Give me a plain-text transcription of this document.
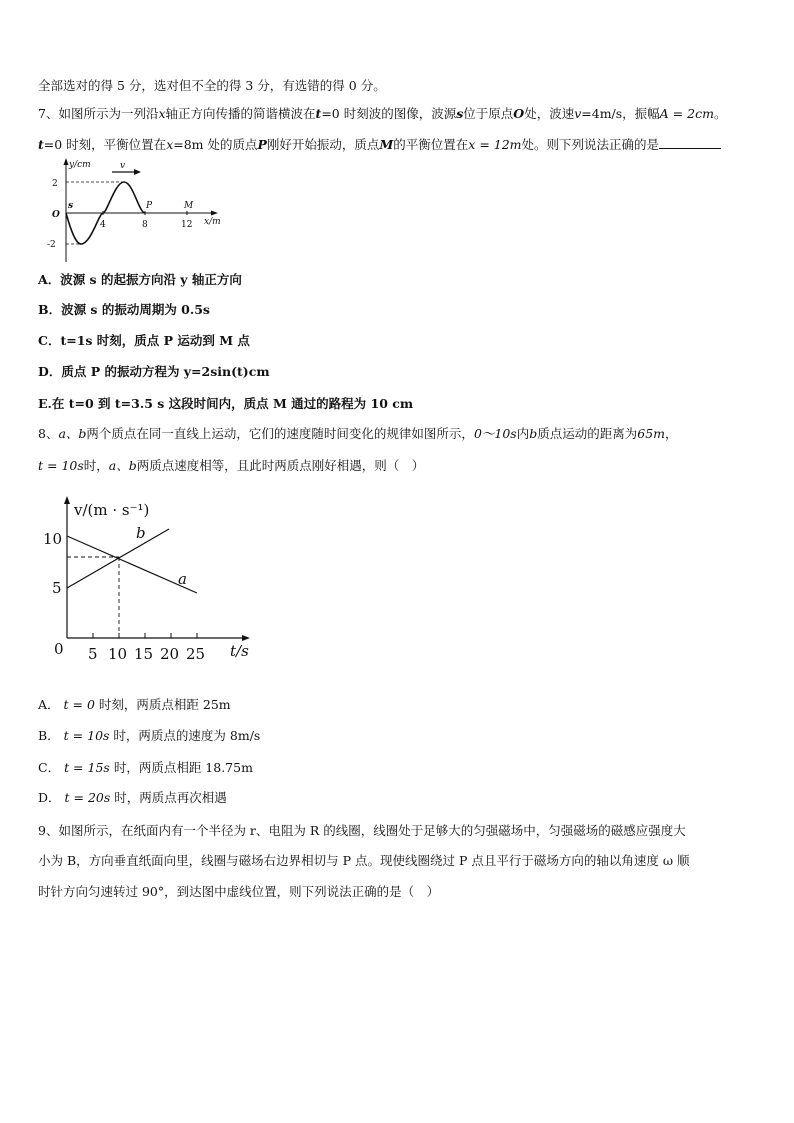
全部选对的得 5 分，选对但不全的得 3 分，有选错的得 0 分。
7、如图所示为一列沿x轴正方向传播的简谐横波在t=0 时刻波的图像，波源s位于原点O处，波速v=4m/s，振幅A = 2cm。
t=0 时刻，平衡位置在x=8m 处的质点P刚好开始振动，质点M的平衡位置在x = 12m处。则下列说法正确的是
y/cm	v
2
-2
O
s	P	M
4	8	12 x/m
A．波源 s 的起振方向沿 y 轴正方向
B．波源 s 的振动周期为 0.5s
C．t=1s 时刻，质点 P 运动到 M 点
D．质点 P 的振动方程为 y=2sin(t)cm
E.在 t=0 到 t=3.5 s 这段时间内，质点 M 通过的路程为 10 cm
8、a、b两个质点在同一直线上运动，它们的速度随时间变化的规律如图所示，0～10s内b质点运动的距离为65m，
t = 10s时，a、b两质点速度相等，且此时两质点刚好相遇，则（　）
v/(m · s⁻¹)
10
5
0
b
a
5 10 15 20 25 t/s
A． t = 0 时刻，两质点相距 25m
B． t = 10s 时，两质点的速度为 8m/s
C． t = 15s 时，两质点相距 18.75m
D． t = 20s 时，两质点再次相遇
9、如图所示，在纸面内有一个半径为 r、电阻为 R 的线圈，线圈处于足够大的匀强磁场中，匀强磁场的磁感应强度大
小为 B，方向垂直纸面向里，线圈与磁场右边界相切与 P 点。现使线圈绕过 P 点且平行于磁场方向的轴以角速度 ω 顺
时针方向匀速转过 90°，到达图中虚线位置，则下列说法正确的是（　）
